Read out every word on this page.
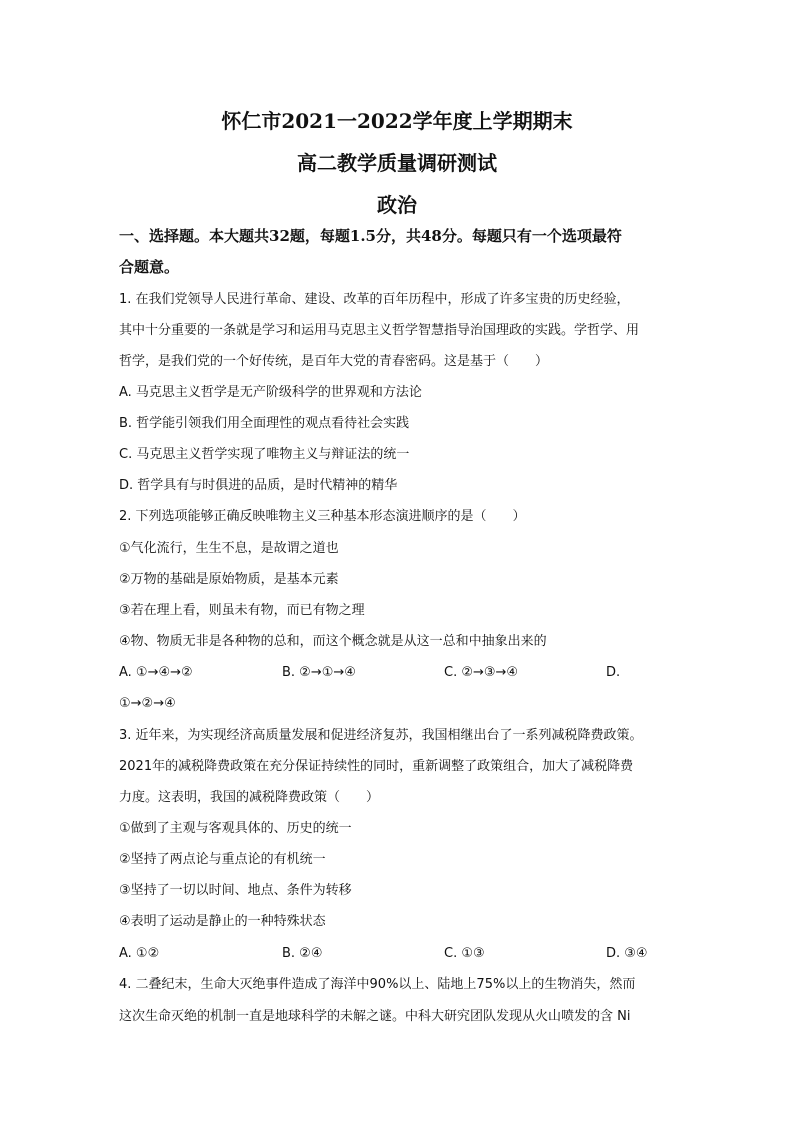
怀仁市2021一2022学年度上学期期末
高二教学质量调研测试
政治
一、选择题。本大题共32题，每题1.5分，共48分。每题只有一个选项最符
合题意。
1. 在我们党领导人民进行革命、建设、改革的百年历程中，形成了许多宝贵的历史经验，
其中十分重要的一条就是学习和运用马克思主义哲学智慧指导治国理政的实践。学哲学、用
哲学，是我们党的一个好传统，是百年大党的青春密码。这是基于（　　）
A. 马克思主义哲学是无产阶级科学的世界观和方法论
B. 哲学能引领我们用全面理性的观点看待社会实践
C. 马克思主义哲学实现了唯物主义与辩证法的统一
D. 哲学具有与时俱进的品质，是时代精神的精华
2. 下列选项能够正确反映唯物主义三种基本形态演进顺序的是（　　）
①气化流行，生生不息，是故谓之道也
②万物的基础是原始物质，是基本元素
③若在理上看，则虽未有物，而已有物之理
④物、物质无非是各种物的总和，而这个概念就是从这一总和中抽象出来的
A. ①→④→②	B. ②→①→④	C. ②→③→④	D.
①→②→④
3. 近年来，为实现经济高质量发展和促进经济复苏，我国相继出台了一系列减税降费政策。
2021年的减税降费政策在充分保证持续性的同时，重新调整了政策组合，加大了减税降费
力度。这表明，我国的减税降费政策（　　）
①做到了主观与客观具体的、历史的统一
②坚持了两点论与重点论的有机统一
③坚持了一切以时间、地点、条件为转移
④表明了运动是静止的一种特殊状态
A. ①②	B. ②④	C. ①③	D. ③④
4. 二叠纪末，生命大灭绝事件造成了海洋中90%以上、陆地上75%以上的生物消失，然而
这次生命灭绝的机制一直是地球科学的未解之谜。中科大研究团队发现从火山喷发的含 Ni
